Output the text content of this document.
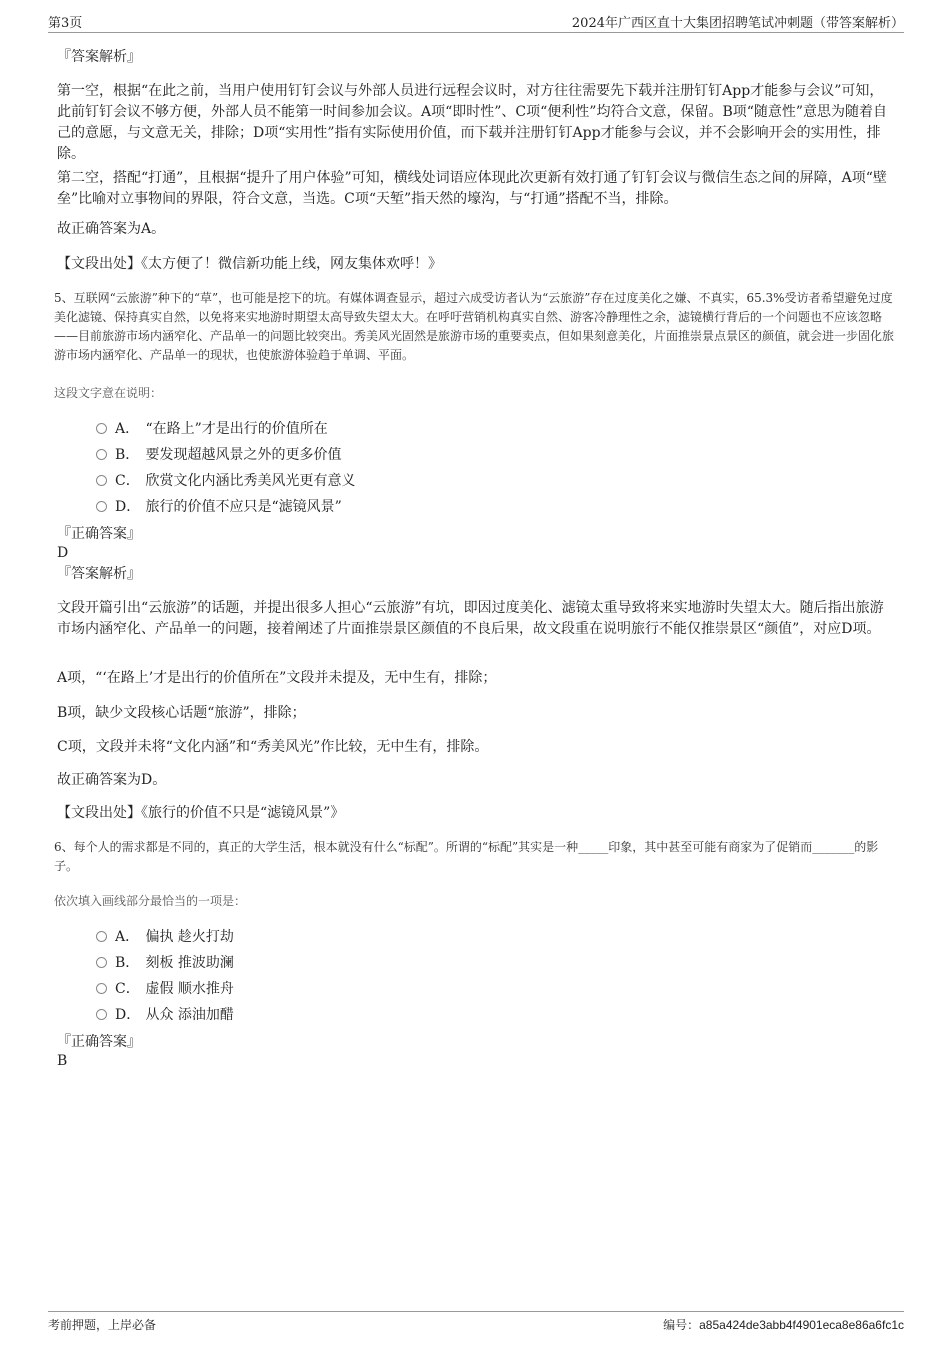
第3页	2024年广西区直十大集团招聘笔试冲刺题（带答案解析）
『答案解析』
第一空，根据“在此之前，当用户使用钉钉会议与外部人员进行远程会议时，对方往往需要先下载并注册钉钉App才能参与会议”可知，此前钉钉会议不够方便，外部人员不能第一时间参加会议。A项“即时性”、C项“便利性”均符合文意，保留。B项“随意性”意思为随着自己的意愿，与文意无关，排除；D项“实用性”指有实际使用价值，而下载并注册钉钉App才能参与会议，并不会影响开会的实用性，排除。
第二空，搭配“打通”，且根据“提升了用户体验”可知，横线处词语应体现此次更新有效打通了钉钉会议与微信生态之间的屏障，A项“壁垒”比喻对立事物间的界限，符合文意，当选。C项“天堑”指天然的壕沟，与“打通”搭配不当，排除。
故正确答案为A。
【文段出处】《太方便了！微信新功能上线，网友集体欢呼！》
5、互联网“云旅游”种下的“草”，也可能是挖下的坑。有媒体调查显示，超过六成受访者认为“云旅游”存在过度美化之嫌、不真实，65.3%受访者希望避免过度美化滤镜、保持真实自然，以免将来实地游时期望太高导致失望太大。在呼吁营销机构真实自然、游客冷静理性之余，滤镜横行背后的一个问题也不应该忽略——目前旅游市场内涵窄化、产品单一的问题比较突出。秀美风光固然是旅游市场的重要卖点，但如果刻意美化，片面推崇景点景区的颜值，就会进一步固化旅游市场内涵窄化、产品单一的现状，也使旅游体验趋于单调、平面。
这段文字意在说明：
A． “在路上”才是出行的价值所在
B． 要发现超越风景之外的更多价值
C． 欣赏文化内涵比秀美风光更有意义
D． 旅行的价值不应只是“滤镜风景”
『正确答案』
D
『答案解析』
文段开篇引出“云旅游”的话题，并提出很多人担心“云旅游”有坑，即因过度美化、滤镜太重导致将来实地游时失望太大。随后指出旅游市场内涵窄化、产品单一的问题，接着阐述了片面推崇景区颜值的不良后果，故文段重在说明旅行不能仅推崇景区“颜值”，对应D项。
A项，“‘在路上’才是出行的价值所在”文段并未提及，无中生有，排除；
B项，缺少文段核心话题“旅游”，排除；
C项，文段并未将“文化内涵”和“秀美风光”作比较，无中生有，排除。
故正确答案为D。
【文段出处】《旅行的价值不只是“滤镜风景”》
6、每个人的需求都是不同的，真正的大学生活，根本就没有什么“标配”。所谓的“标配”其实是一种_____印象，其中甚至可能有商家为了促销而_______的影子。
依次填入画线部分最恰当的一项是：
A． 偏执 趁火打劫
B． 刻板 推波助澜
C． 虚假 顺水推舟
D． 从众 添油加醋
『正确答案』
B
考前押题，上岸必备	编号：a85a424de3abb4f4901eca8e86a6fc1c
